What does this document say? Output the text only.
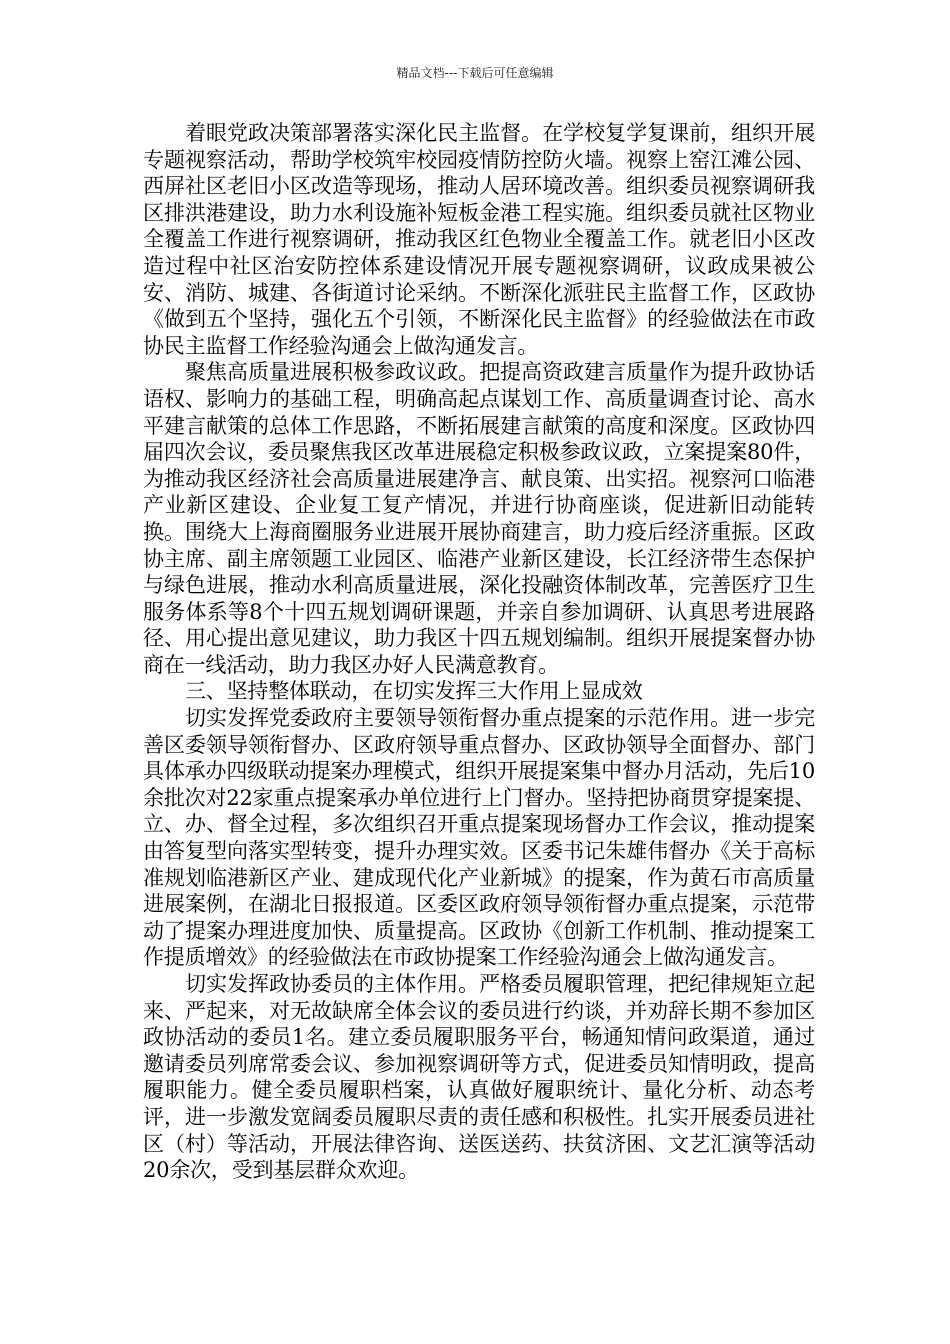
精品文档---下载后可任意编辑

着眼党政决策部署落实深化民主监督。在学校复学复课前，组织开展专题视察活动，帮助学校筑牢校园疫情防控防火墙。视察上窑江滩公园、西屏社区老旧小区改造等现场，推动人居环境改善。组织委员视察调研我区排洪港建设，助力水利设施补短板金港工程实施。组织委员就社区物业全覆盖工作进行视察调研，推动我区红色物业全覆盖工作。就老旧小区改造过程中社区治安防控体系建设情况开展专题视察调研，议政成果被公安、消防、城建、各街道讨论采纳。不断深化派驻民主监督工作，区政协《做到五个坚持，强化五个引领，不断深化民主监督》的经验做法在市政协民主监督工作经验沟通会上做沟通发言。

聚焦高质量进展积极参政议政。把提高资政建言质量作为提升政协话语权、影响力的基础工程，明确高起点谋划工作、高质量调查讨论、高水平建言献策的总体工作思路，不断拓展建言献策的高度和深度。区政协四届四次会议，委员聚焦我区改革进展稳定积极参政议政，立案提案80件，为推动我区经济社会高质量进展建净言、献良策、出实招。视察河口临港产业新区建设、企业复工复产情况，并进行协商座谈，促进新旧动能转换。围绕大上海商圈服务业进展开展协商建言，助力疫后经济重振。区政协主席、副主席领题工业园区、临港产业新区建设，长江经济带生态保护与绿色进展，推动水利高质量进展，深化投融资体制改革，完善医疗卫生服务体系等8个十四五规划调研课题，并亲自参加调研、认真思考进展路径、用心提出意见建议，助力我区十四五规划编制。组织开展提案督办协商在一线活动，助力我区办好人民满意教育。

三、坚持整体联动，在切实发挥三大作用上显成效

切实发挥党委政府主要领导领衔督办重点提案的示范作用。进一步完善区委领导领衔督办、区政府领导重点督办、区政协领导全面督办、部门具体承办四级联动提案办理模式，组织开展提案集中督办月活动，先后10余批次对22家重点提案承办单位进行上门督办。坚持把协商贯穿提案提、立、办、督全过程，多次组织召开重点提案现场督办工作会议，推动提案由答复型向落实型转变，提升办理实效。区委书记朱雄伟督办《关于高标准规划临港新区产业、建成现代化产业新城》的提案，作为黄石市高质量进展案例，在湖北日报报道。区委区政府领导领衔督办重点提案，示范带动了提案办理进度加快、质量提高。区政协《创新工作机制、推动提案工作提质增效》的经验做法在市政协提案工作经验沟通会上做沟通发言。

切实发挥政协委员的主体作用。严格委员履职管理，把纪律规矩立起来、严起来，对无故缺席全体会议的委员进行约谈，并劝辞长期不参加区政协活动的委员1名。建立委员履职服务平台，畅通知情问政渠道，通过邀请委员列席常委会议、参加视察调研等方式，促进委员知情明政，提高履职能力。健全委员履职档案，认真做好履职统计、量化分析、动态考评，进一步激发宽阔委员履职尽责的责任感和积极性。扎实开展委员进社区（村）等活动，开展法律咨询、送医送药、扶贫济困、文艺汇演等活动20余次，受到基层群众欢迎。
